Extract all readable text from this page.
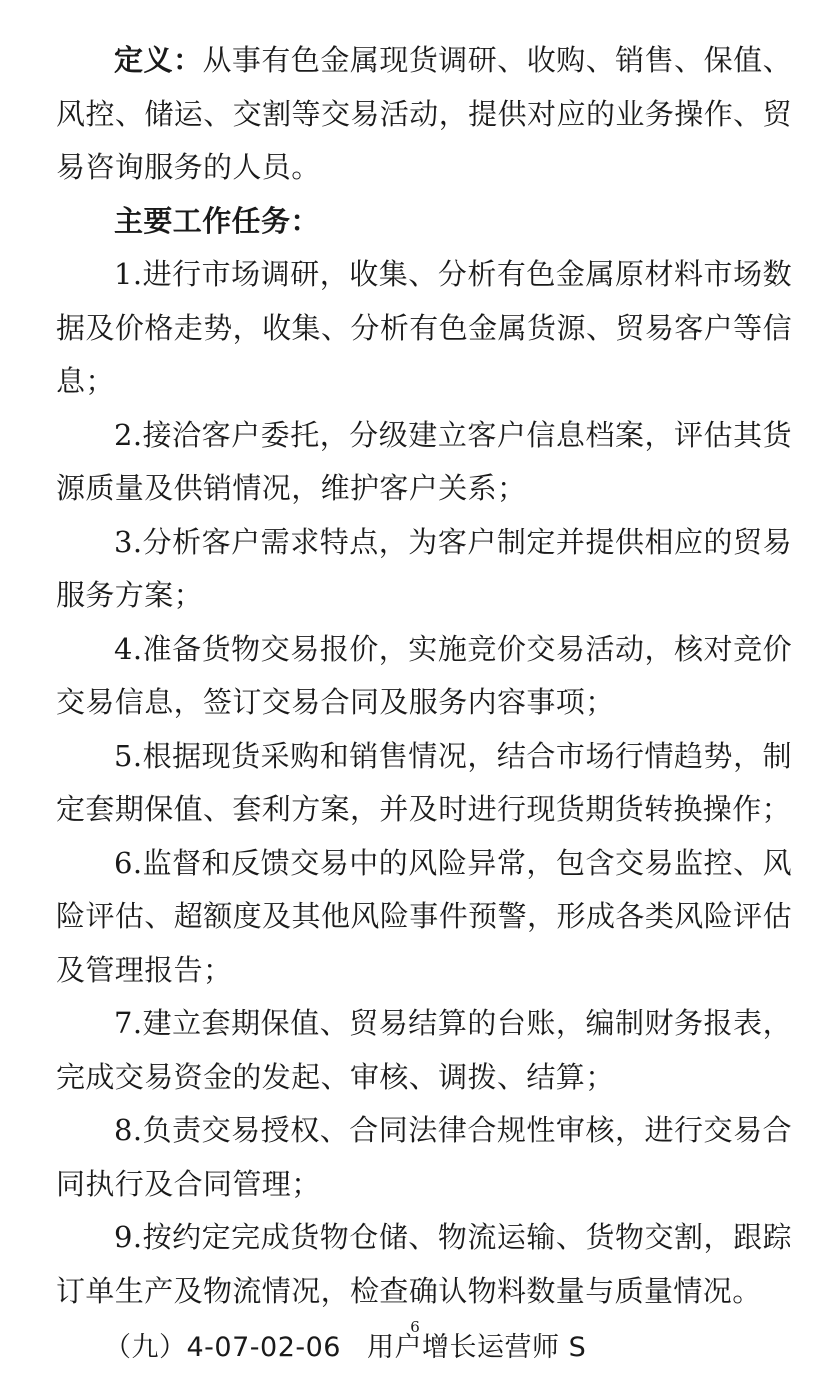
定义：从事有色金属现货调研、收购、销售、保值、风控、储运、交割等交易活动，提供对应的业务操作、贸易咨询服务的人员。

主要工作任务：

1.进行市场调研，收集、分析有色金属原材料市场数据及价格走势，收集、分析有色金属货源、贸易客户等信息；

2.接洽客户委托，分级建立客户信息档案，评估其货源质量及供销情况，维护客户关系；

3.分析客户需求特点，为客户制定并提供相应的贸易服务方案；

4.准备货物交易报价，实施竞价交易活动，核对竞价交易信息，签订交易合同及服务内容事项；

5.根据现货采购和销售情况，结合市场行情趋势，制定套期保值、套利方案，并及时进行现货期货转换操作；

6.监督和反馈交易中的风险异常，包含交易监控、风险评估、超额度及其他风险事件预警，形成各类风险评估及管理报告；

7.建立套期保值、贸易结算的台账，编制财务报表，完成交易资金的发起、审核、调拨、结算；

8.负责交易授权、合同法律合规性审核，进行交易合同执行及合同管理；

9.按约定完成货物仓储、物流运输、货物交割，跟踪订单生产及物流情况，检查确认物料数量与质量情况。

（九）4-07-02-06 用户增长运营师 S

6
